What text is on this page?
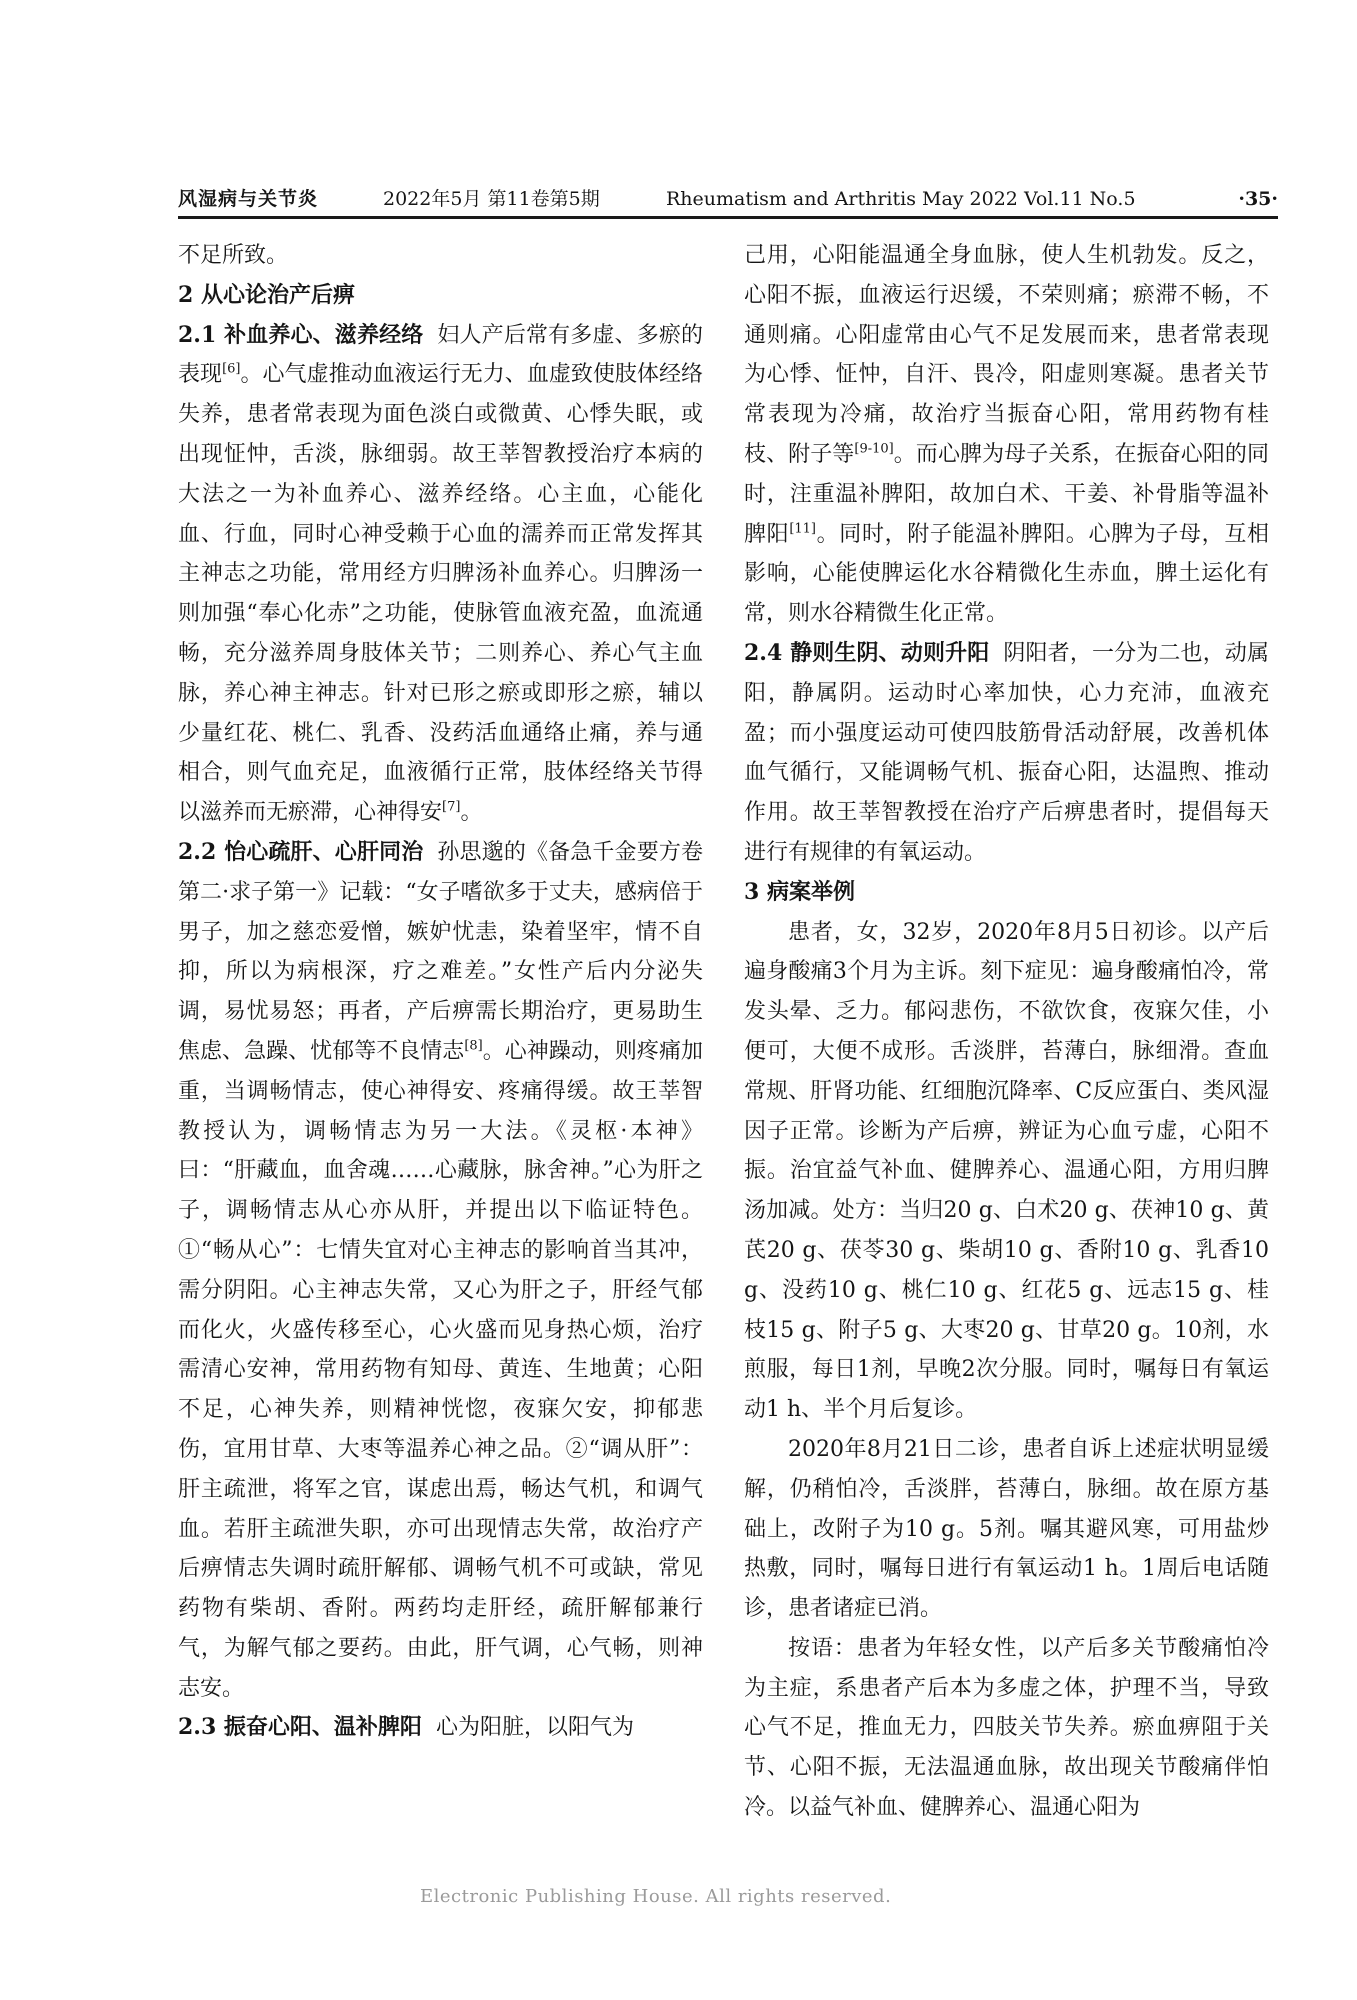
风湿病与关节炎	2022年5月 第11卷第5期	Rheumatism and Arthritis May 2022 Vol.11 No.5	·35·

不足所致。

2 从心论治产后痹

2.1 补血养心、滋养经络 妇人产后常有多虚、多瘀的表现[6]。心气虚推动血液运行无力、血虚致使肢体经络失养，患者常表现为面色淡白或微黄、心悸失眠，或出现怔忡，舌淡，脉细弱。故王莘智教授治疗本病的大法之一为补血养心、滋养经络。心主血，心能化血、行血，同时心神受赖于心血的濡养而正常发挥其主神志之功能，常用经方归脾汤补血养心。归脾汤一则加强“奉心化赤”之功能，使脉管血液充盈，血流通畅，充分滋养周身肢体关节；二则养心、养心气主血脉，养心神主神志。针对已形之瘀或即形之瘀，辅以少量红花、桃仁、乳香、没药活血通络止痛，养与通相合，则气血充足，血液循行正常，肢体经络关节得以滋养而无瘀滞，心神得安[7]。

2.2 怡心疏肝、心肝同治 孙思邈的《备急千金要方卷第二·求子第一》记载：“女子嗜欲多于丈夫，感病倍于男子，加之慈恋爱憎，嫉妒忧恚，染着坚牢，情不自抑，所以为病根深，疗之难差。”女性产后内分泌失调，易忧易怒；再者，产后痹需长期治疗，更易助生焦虑、急躁、忧郁等不良情志[8]。心神躁动，则疼痛加重，当调畅情志，使心神得安、疼痛得缓。故王莘智教授认为，调畅情志为另一大法。《灵枢·本神》曰：“肝藏血，血舍魂……心藏脉，脉舍神。”心为肝之子，调畅情志从心亦从肝，并提出以下临证特色。①“畅从心”：七情失宜对心主神志的影响首当其冲，需分阴阳。心主神志失常，又心为肝之子，肝经气郁而化火，火盛传移至心，心火盛而见身热心烦，治疗需清心安神，常用药物有知母、黄连、生地黄；心阳不足，心神失养，则精神恍惚，夜寐欠安，抑郁悲伤，宜用甘草、大枣等温养心神之品。②“调从肝”：肝主疏泄，将军之官，谋虑出焉，畅达气机，和调气血。若肝主疏泄失职，亦可出现情志失常，故治疗产后痹情志失调时疏肝解郁、调畅气机不可或缺，常见药物有柴胡、香附。两药均走肝经，疏肝解郁兼行气，为解气郁之要药。由此，肝气调，心气畅，则神志安。

2.3 振奋心阳、温补脾阳 心为阳脏，以阳气为

己用，心阳能温通全身血脉，使人生机勃发。反之，心阳不振，血液运行迟缓，不荣则痛；瘀滞不畅，不通则痛。心阳虚常由心气不足发展而来，患者常表现为心悸、怔忡，自汗、畏冷，阳虚则寒凝。患者关节常表现为冷痛，故治疗当振奋心阳，常用药物有桂枝、附子等[9-10]。而心脾为母子关系，在振奋心阳的同时，注重温补脾阳，故加白术、干姜、补骨脂等温补脾阳[11]。同时，附子能温补脾阳。心脾为子母，互相影响，心能使脾运化水谷精微化生赤血，脾土运化有常，则水谷精微生化正常。

2.4 静则生阴、动则升阳 阴阳者，一分为二也，动属阳，静属阴。运动时心率加快，心力充沛，血液充盈；而小强度运动可使四肢筋骨活动舒展，改善机体血气循行，又能调畅气机、振奋心阳，达温煦、推动作用。故王莘智教授在治疗产后痹患者时，提倡每天进行有规律的有氧运动。

3 病案举例

患者，女，32岁，2020年8月5日初诊。以产后遍身酸痛3个月为主诉。刻下症见：遍身酸痛怕冷，常发头晕、乏力。郁闷悲伤，不欲饮食，夜寐欠佳，小便可，大便不成形。舌淡胖，苔薄白，脉细滑。查血常规、肝肾功能、红细胞沉降率、C反应蛋白、类风湿因子正常。诊断为产后痹，辨证为心血亏虚，心阳不振。治宜益气补血、健脾养心、温通心阳，方用归脾汤加减。处方：当归20 g、白术20 g、茯神10 g、黄芪20 g、茯苓30 g、柴胡10 g、香附10 g、乳香10 g、没药10 g、桃仁10 g、红花5 g、远志15 g、桂枝15 g、附子5 g、大枣20 g、甘草20 g。10剂，水煎服，每日1剂，早晚2次分服。同时，嘱每日有氧运动1 h、半个月后复诊。

2020年8月21日二诊，患者自诉上述症状明显缓解，仍稍怕冷，舌淡胖，苔薄白，脉细。故在原方基础上，改附子为10 g。5剂。嘱其避风寒，可用盐炒热敷，同时，嘱每日进行有氧运动1 h。1周后电话随诊，患者诸症已消。

按语：患者为年轻女性，以产后多关节酸痛怕冷为主症，系患者产后本为多虚之体，护理不当，导致心气不足，推血无力，四肢关节失养。瘀血痹阻于关节、心阳不振，无法温通血脉，故出现关节酸痛伴怕冷。以益气补血、健脾养心、温通心阳为

Electronic Publishing House. All rights reserved.
